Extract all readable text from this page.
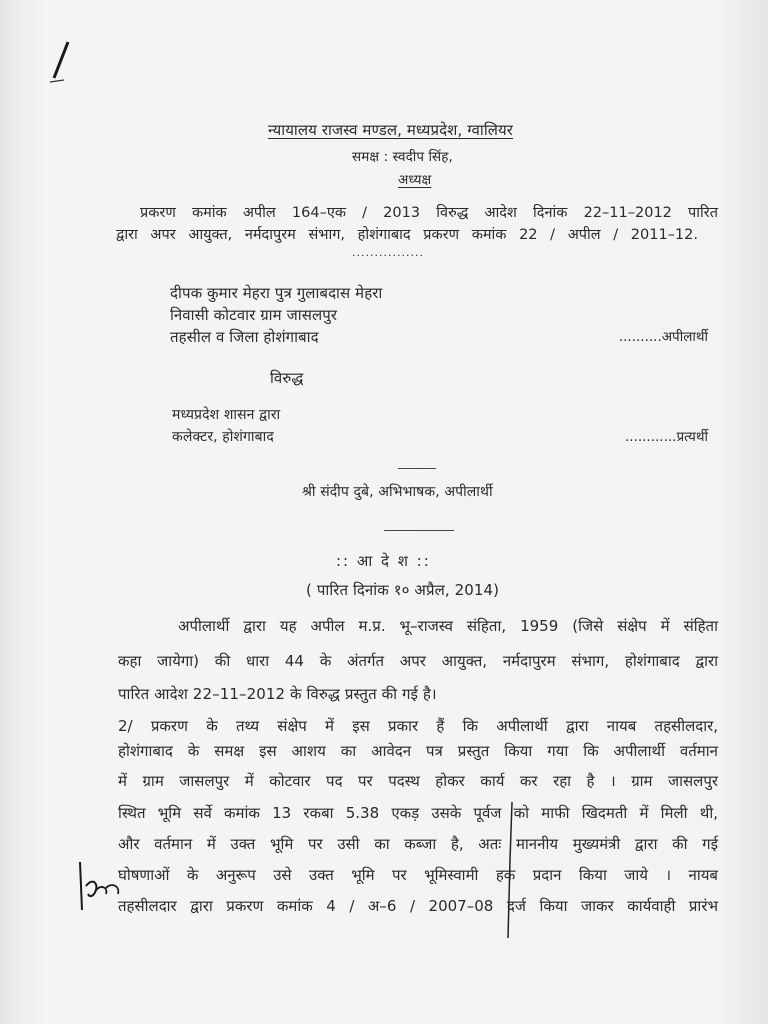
न्यायालय राजस्व मण्डल, मध्यप्रदेश, ग्वालियर
समक्ष : स्वदीप सिंह,
अध्यक्ष
प्रकरण कमांक अपील 164–एक / 2013 विरुद्ध आदेश दिनांक 22–11–2012 पारित
द्वारा अपर आयुक्त, नर्मदापुरम संभाग, होशंगाबाद प्रकरण कमांक 22 / अपील / 2011–12.
................
दीपक कुमार मेहरा पुत्र गुलाबदास मेहरा
निवासी कोटवार ग्राम जासलपुर
तहसील व जिला होशंगाबाद	..........अपीलार्थी
विरुद्ध
मध्यप्रदेश शासन द्वारा
कलेक्टर, होशंगाबाद	............प्रत्यर्थी
श्री संदीप दुबे, अभिभाषक, अपीलार्थी
:: आ दे श ::
( पारित दिनांक १० अप्रैल, 2014)
अपीलार्थी द्वारा यह अपील म.प्र. भू–राजस्व संहिता, 1959 (जिसे संक्षेप में संहिता
कहा जायेगा) की धारा 44 के अंतर्गत अपर आयुक्त, नर्मदापुरम संभाग, होशंगाबाद द्वारा
पारित आदेश 22–11–2012 के विरुद्ध प्रस्तुत की गई है।
2/ प्रकरण के तथ्य संक्षेप में इस प्रकार हैं कि अपीलार्थी द्वारा नायब तहसीलदार,
होशंगाबाद के समक्ष इस आशय का आवेदन पत्र प्रस्तुत किया गया कि अपीलार्थी वर्तमान
में ग्राम जासलपुर में कोटवार पद पर पदस्थ होकर कार्य कर रहा है । ग्राम जासलपुर
स्थित भूमि सर्वे कमांक 13 रकबा 5.38 एकड़ उसके पूर्वज को माफी खिदमती में मिली थी,
और वर्तमान में उक्त भूमि पर उसी का कब्जा है, अतः माननीय मुख्यमंत्री द्वारा की गई
घोषणाओं के अनुरूप उसे उक्त भूमि पर भूमिस्वामी हक प्रदान किया जाये । नायब
तहसीलदार द्वारा प्रकरण कमांक 4 / अ–6 / 2007–08 दर्ज किया जाकर कार्यवाही प्रारंभ
